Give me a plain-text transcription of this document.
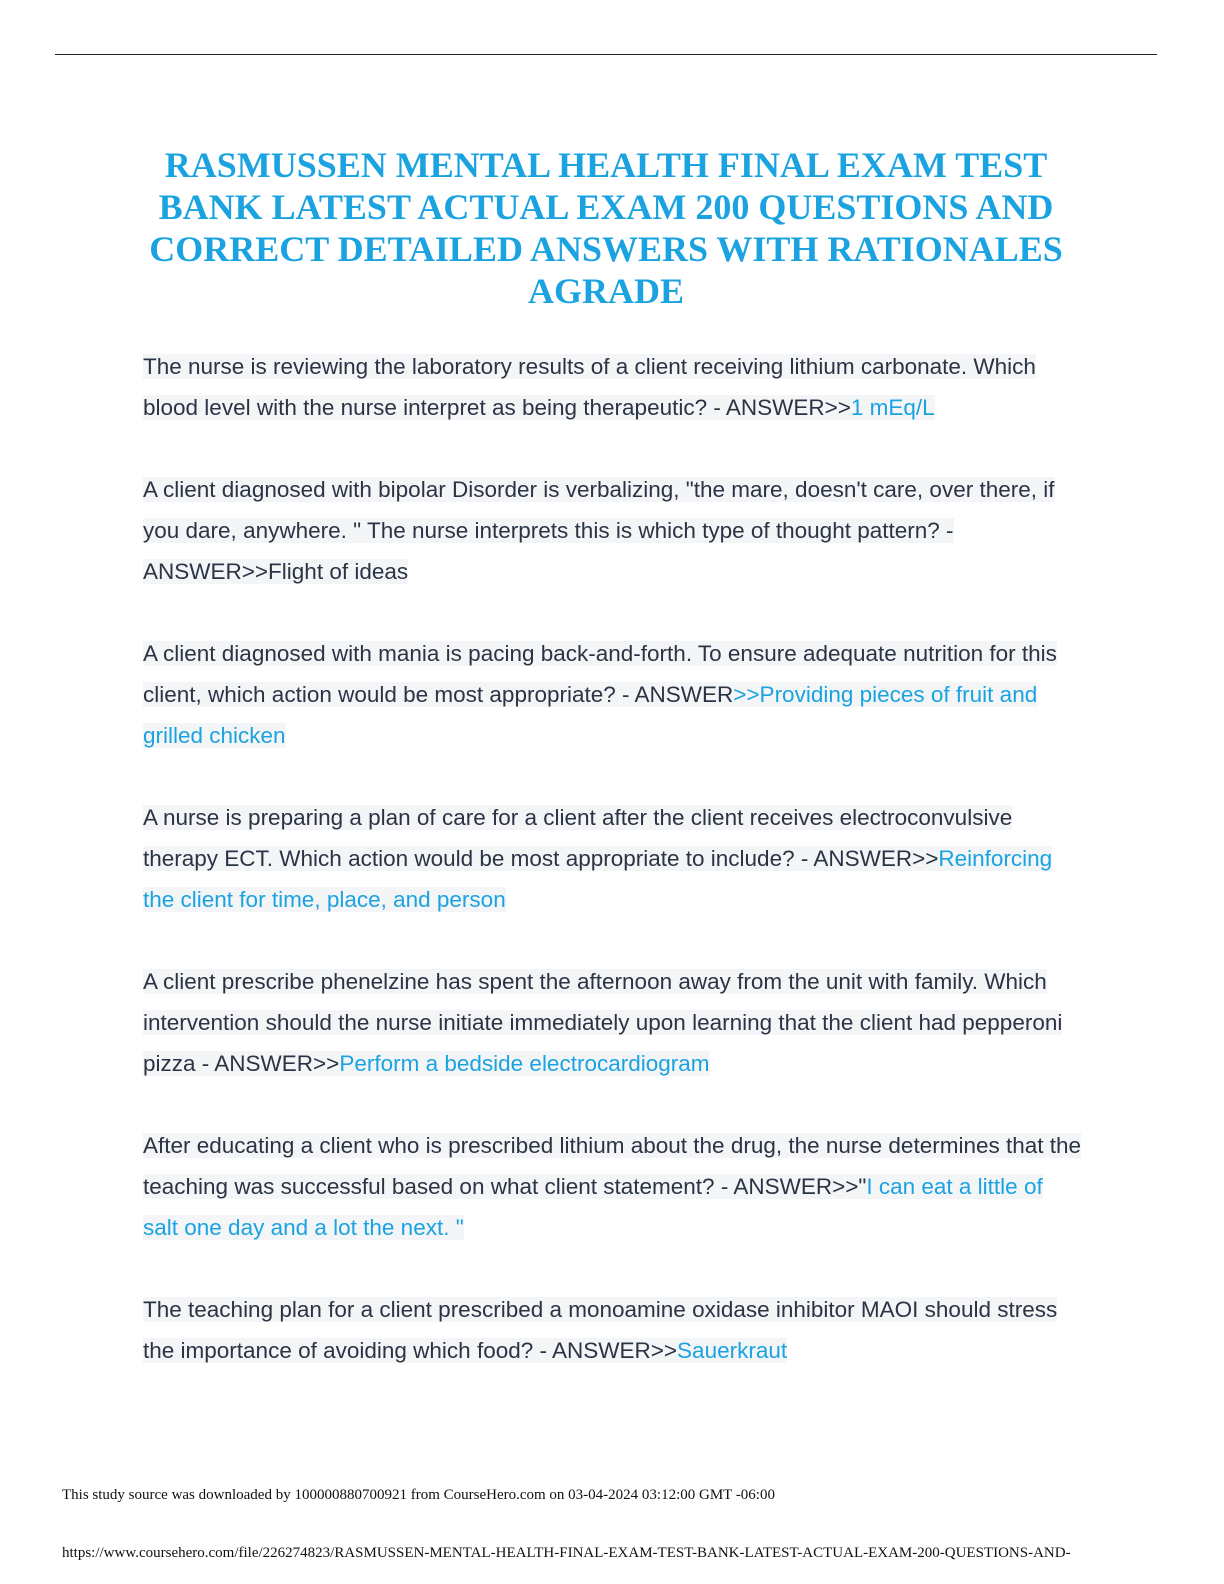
RASMUSSEN MENTAL HEALTH FINAL EXAM TEST BANK LATEST ACTUAL EXAM 200 QUESTIONS AND CORRECT DETAILED ANSWERS WITH RATIONALES AGRADE

The nurse is reviewing the laboratory results of a client receiving lithium carbonate. Which blood level with the nurse interpret as being therapeutic? - ANSWER>>1 mEq/L

A client diagnosed with bipolar Disorder is verbalizing, "the mare, doesn't care, over there, if you dare, anywhere. " The nurse interprets this is which type of thought pattern? - ANSWER>>Flight of ideas

A client diagnosed with mania is pacing back-and-forth. To ensure adequate nutrition for this client, which action would be most appropriate? - ANSWER>>Providing pieces of fruit and grilled chicken

A nurse is preparing a plan of care for a client after the client receives electroconvulsive therapy ECT. Which action would be most appropriate to include? - ANSWER>>Reinforcing the client for time, place, and person

A client prescribe phenelzine has spent the afternoon away from the unit with family. Which intervention should the nurse initiate immediately upon learning that the client had pepperoni pizza - ANSWER>>Perform a bedside electrocardiogram

After educating a client who is prescribed lithium about the drug, the nurse determines that the teaching was successful based on what client statement? - ANSWER>>"I can eat a little of salt one day and a lot the next. "

The teaching plan for a client prescribed a monoamine oxidase inhibitor MAOI should stress the importance of avoiding which food? - ANSWER>>Sauerkraut

This study source was downloaded by 100000880700921 from CourseHero.com on 03-04-2024 03:12:00 GMT -06:00
https://www.coursehero.com/file/226274823/RASMUSSEN-MENTAL-HEALTH-FINAL-EXAM-TEST-BANK-LATEST-ACTUAL-EXAM-200-QUESTIONS-AND-
